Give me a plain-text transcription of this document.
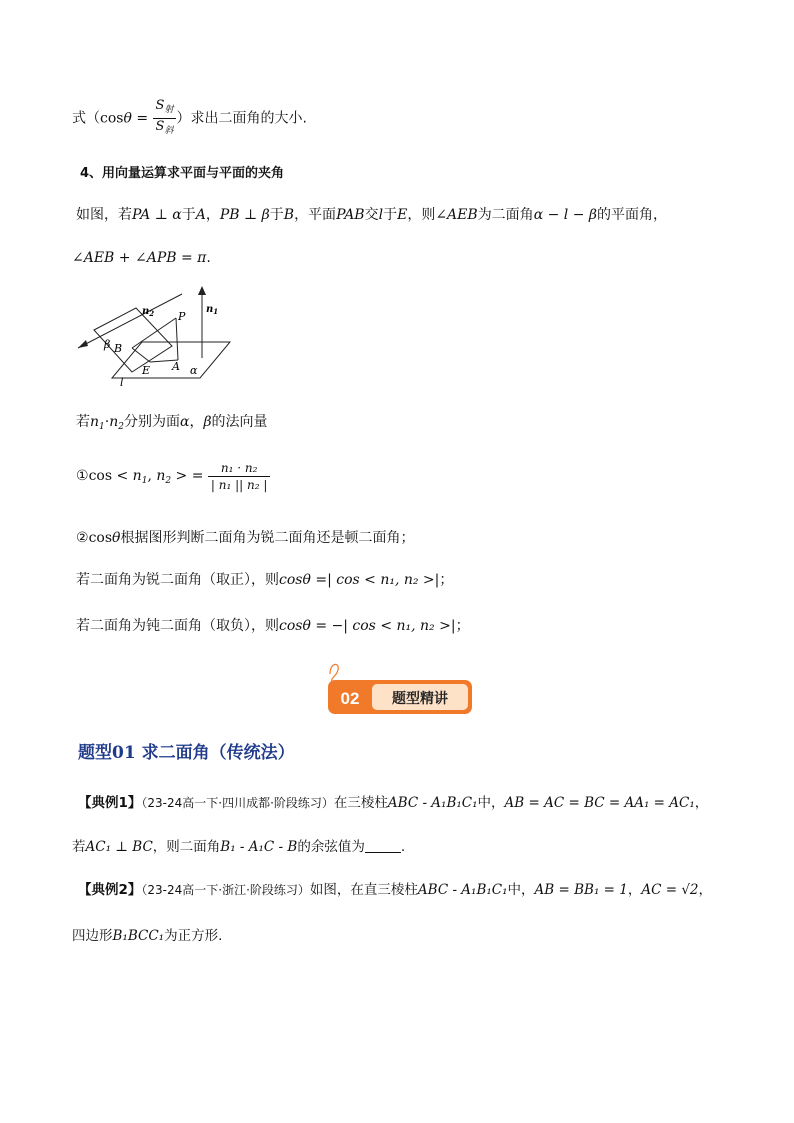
式（$\cos\theta = \frac{S_射}{S_斜}$ ）求出二面角的大小.
4、用向量运算求平面与平面的夹角
如图，若PA ⊥ α于A，PB ⊥ β于B，平面PAB交l于E，则∠AEB为二面角α − l − β的平面角，
∠AEB + ∠APB = π.
$n_2$	$n_1$
P
β B
E A α
l
若$n_1\cdot n_2$分别为面α，β的法向量
①cos < $n_1$, $n_2$ > = $\frac{\text{n₁ · n₂}}{\text{| n₁ || n₂ |}}$
②cosθ根据图形判断二面角为锐二面角还是顿二面角；
若二面角为锐二面角（取正），则cosθ =| cos < n₁, n₂ >|；
若二面角为钝二面角（取负），则cosθ = −| cos < n₁, n₂ >|；
02 题型精讲
题型01 求二面角（传统法）
【典例1】（23-24高一下·四川成都·阶段练习）在三棱柱ABC - A₁B₁C₁中，AB = AC = BC = AA₁ = AC₁，
若AC₁ ⊥ BC，则二面角B₁ - A₁C - B的余弦值为	.
【典例2】（23-24高一下·浙江·阶段练习）如图，在直三棱柱ABC - A₁B₁C₁中，AB = BB₁ = 1，AC = √2，
四边形B₁BCC₁为正方形.
